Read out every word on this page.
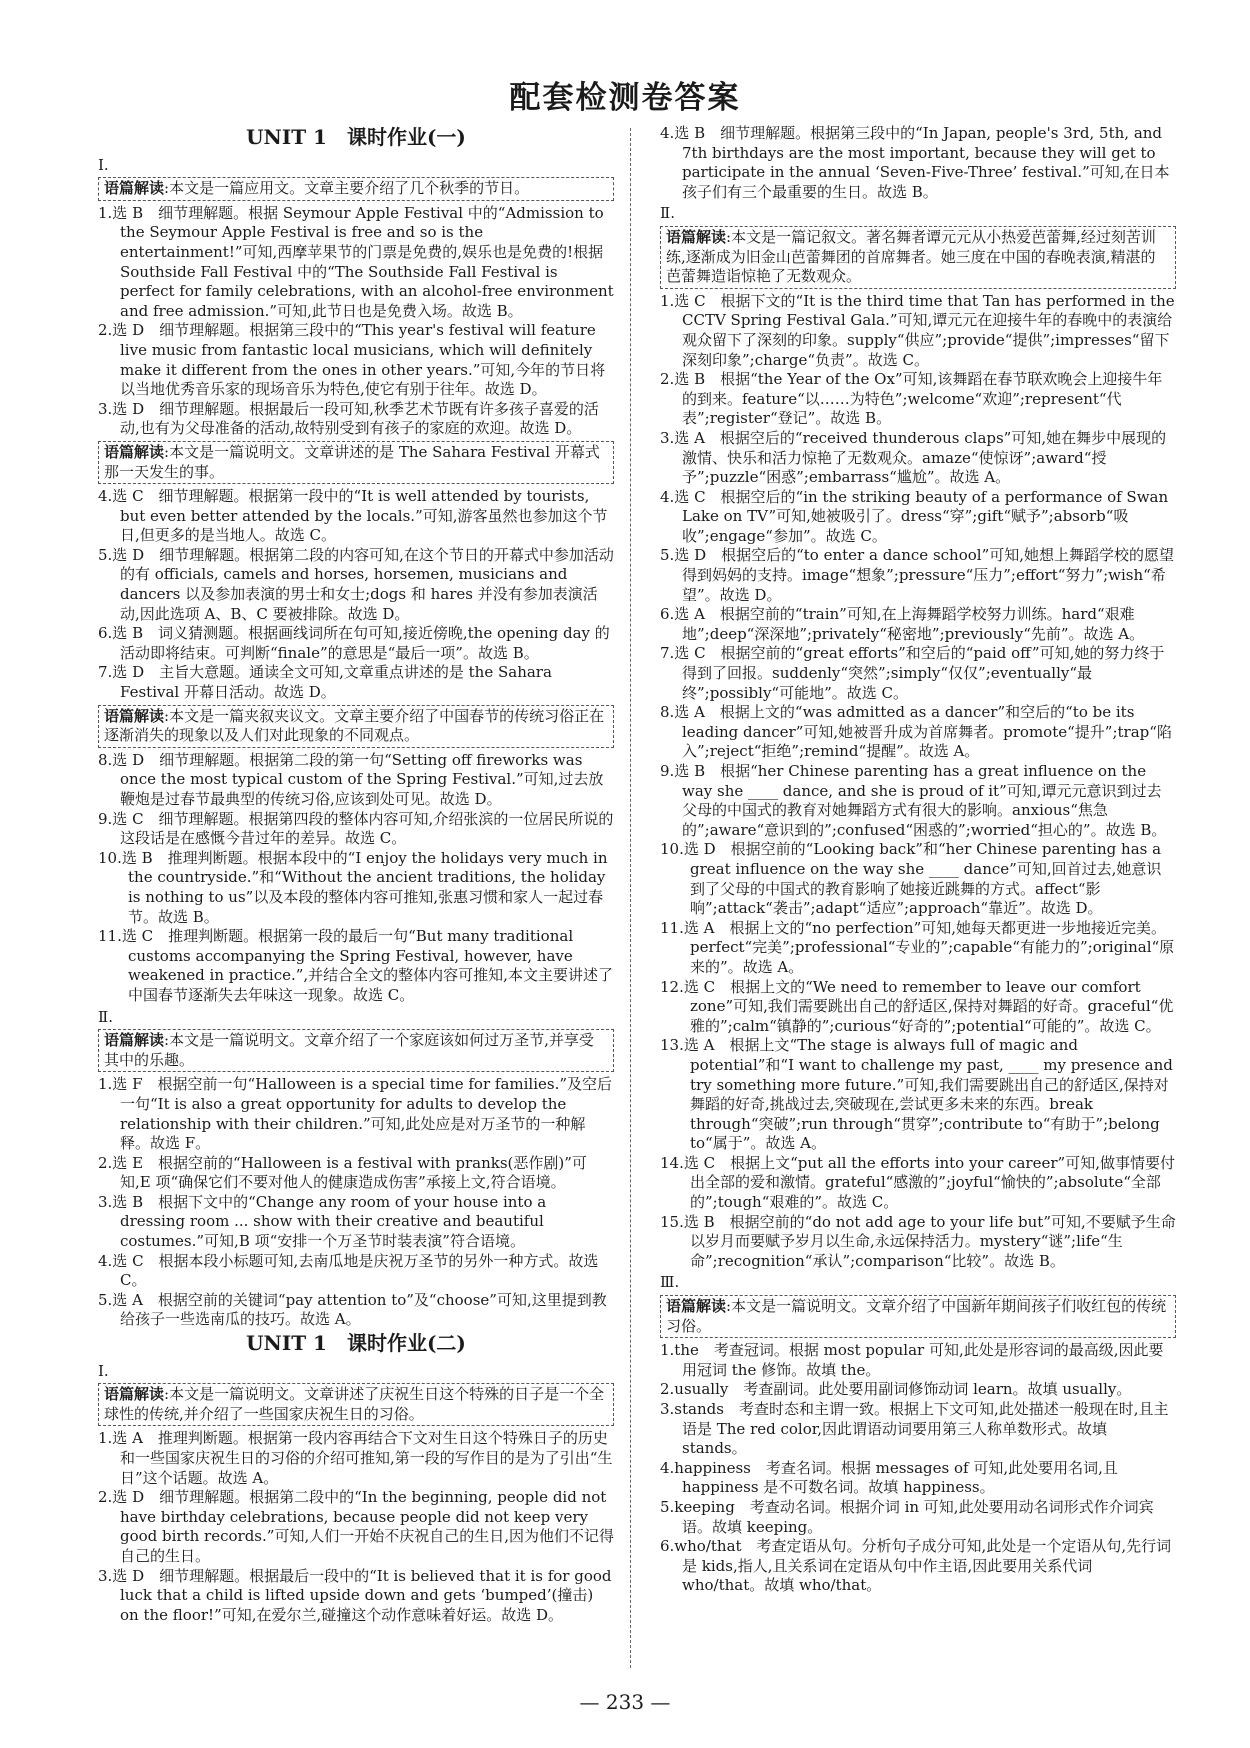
配套检测卷答案
UNIT 1　课时作业(一)
Ⅰ.
语篇解读:本文是一篇应用文。文章主要介绍了几个秋季的节日。

1.选 B　细节理解题。根据 Seymour Apple Festival 中的“Admission to the Seymour Apple Festival is free and so is the entertainment!”可知,西摩苹果节的门票是免费的,娱乐也是免费的!根据 Southside Fall Festival 中的“The Southside Fall Festival is perfect for family celebrations, with an alcohol-free environment and free admission.”可知,此节日也是免费入场。故选 B。

2.选 D　细节理解题。根据第三段中的“This year's festival will feature live music from fantastic local musicians, which will definitely make it different from the ones in other years.”可知,今年的节日将以当地优秀音乐家的现场音乐为特色,使它有别于往年。故选 D。

3.选 D　细节理解题。根据最后一段可知,秋季艺术节既有许多孩子喜爱的活动,也有为父母准备的活动,故特别受到有孩子的家庭的欢迎。故选 D。

语篇解读:本文是一篇说明文。文章讲述的是 The Sahara Festival 开幕式那一天发生的事。

4.选 C　细节理解题。根据第一段中的“It is well attended by tourists, but even better attended by the locals.”可知,游客虽然也参加这个节日,但更多的是当地人。故选 C。

5.选 D　细节理解题。根据第二段的内容可知,在这个节日的开幕式中参加活动的有 officials, camels and horses, horsemen, musicians and dancers 以及参加表演的男士和女士;dogs 和 hares 并没有参加表演活动,因此选项 A、B、C 要被排除。故选 D。

6.选 B　词义猜测题。根据画线词所在句可知,接近傍晚,the opening day 的活动即将结束。可判断“finale”的意思是“最后一项”。故选 B。

7.选 D　主旨大意题。通读全文可知,文章重点讲述的是 the Sahara Festival 开幕日活动。故选 D。

语篇解读:本文是一篇夹叙夹议文。文章主要介绍了中国春节的传统习俗正在逐渐消失的现象以及人们对此现象的不同观点。

8.选 D　细节理解题。根据第二段的第一句“Setting off fireworks was once the most typical custom of the Spring Festival.”可知,过去放鞭炮是过春节最典型的传统习俗,应该到处可见。故选 D。

9.选 C　细节理解题。根据第四段的整体内容可知,介绍张滨的一位居民所说的这段话是在感慨今昔过年的差异。故选 C。

10.选 B　推理判断题。根据本段中的“I enjoy the holidays very much in the countryside.”和“Without the ancient traditions, the holiday is nothing to us”以及本段的整体内容可推知,张惠习惯和家人一起过春节。故选 B。

11.选 C　推理判断题。根据第一段的最后一句“But many traditional customs accompanying the Spring Festival, however, have weakened in practice.”,并结合全文的整体内容可推知,本文主要讲述了中国春节逐渐失去年味这一现象。故选 C。

Ⅱ.
语篇解读:本文是一篇说明文。文章介绍了一个家庭该如何过万圣节,并享受其中的乐趣。

1.选 F　根据空前一句“Halloween is a special time for families.”及空后一句“It is also a great opportunity for adults to develop the relationship with their children.”可知,此处应是对万圣节的一种解释。故选 F。

2.选 E　根据空前的“Halloween is a festival with pranks(恶作剧)”可知,E 项“确保它们不要对他人的健康造成伤害”承接上文,符合语境。

3.选 B　根据下文中的“Change any room of your house into a dressing room ... show with their creative and beautiful costumes.”可知,B 项“安排一个万圣节时装表演”符合语境。

4.选 C　根据本段小标题可知,去南瓜地是庆祝万圣节的另外一种方式。故选 C。

5.选 A　根据空前的关键词“pay attention to”及“choose”可知,这里提到教给孩子一些选南瓜的技巧。故选 A。

UNIT 1　课时作业(二)
Ⅰ.
语篇解读:本文是一篇说明文。文章讲述了庆祝生日这个特殊的日子是一个全球性的传统,并介绍了一些国家庆祝生日的习俗。

1.选 A　推理判断题。根据第一段内容再结合下文对生日这个特殊日子的历史和一些国家庆祝生日的习俗的介绍可推知,第一段的写作目的是为了引出“生日”这个话题。故选 A。

2.选 D　细节理解题。根据第二段中的“In the beginning, people did not have birthday celebrations, because people did not keep very good birth records.”可知,人们一开始不庆祝自己的生日,因为他们不记得自己的生日。

3.选 D　细节理解题。根据最后一段中的“It is believed that it is for good luck that a child is lifted upside down and gets ‘bumped’(撞击) on the floor!”可知,在爱尔兰,碰撞这个动作意味着好运。故选 D。

4.选 B　细节理解题。根据第三段中的“In Japan, people's 3rd, 5th, and 7th birthdays are the most important, because they will get to participate in the annual ‘Seven-Five-Three’ festival.”可知,在日本孩子们有三个最重要的生日。故选 B。

Ⅱ.
语篇解读:本文是一篇记叙文。著名舞者谭元元从小热爱芭蕾舞,经过刻苦训练,逐渐成为旧金山芭蕾舞团的首席舞者。她三度在中国的春晚表演,精湛的芭蕾舞造诣惊艳了无数观众。

1.选 C　根据下文的“It is the third time that Tan has performed in the CCTV Spring Festival Gala.”可知,谭元元在迎接牛年的春晚中的表演给观众留下了深刻的印象。supply“供应”;provide“提供”;impresses“留下深刻印象”;charge“负责”。故选 C。

2.选 B　根据“the Year of the Ox”可知,该舞蹈在春节联欢晚会上迎接牛年的到来。feature“以……为特色”;welcome“欢迎”;represent“代表”;register“登记”。故选 B。

3.选 A　根据空后的“received thunderous claps”可知,她在舞步中展现的激情、快乐和活力惊艳了无数观众。amaze“使惊讶”;award“授予”;puzzle“困惑”;embarrass“尴尬”。故选 A。

4.选 C　根据空后的“in the striking beauty of a performance of Swan Lake on TV”可知,她被吸引了。dress“穿”;gift“赋予”;absorb“吸收”;engage“参加”。故选 C。

5.选 D　根据空后的“to enter a dance school”可知,她想上舞蹈学校的愿望得到妈妈的支持。image“想象”;pressure“压力”;effort“努力”;wish“希望”。故选 D。

6.选 A　根据空前的“train”可知,在上海舞蹈学校努力训练。hard“艰难地”;deep“深深地”;privately“秘密地”;previously“先前”。故选 A。

7.选 C　根据空前的“great efforts”和空后的“paid off”可知,她的努力终于得到了回报。suddenly“突然”;simply“仅仅”;eventually“最终”;possibly“可能地”。故选 C。

8.选 A　根据上文的“was admitted as a dancer”和空后的“to be its leading dancer”可知,她被晋升成为首席舞者。promote“提升”;trap“陷入”;reject“拒绝”;remind“提醒”。故选 A。

9.选 B　根据“her Chinese parenting has a great influence on the way she ____ dance, and she is proud of it”可知,谭元元意识到过去父母的中国式的教育对她舞蹈方式有很大的影响。anxious“焦急的”;aware“意识到的”;confused“困惑的”;worried“担心的”。故选 B。

10.选 D　根据空前的“Looking back”和“her Chinese parenting has a great influence on the way she ____ dance”可知,回首过去,她意识到了父母的中国式的教育影响了她接近跳舞的方式。affect“影响”;attack“袭击”;adapt“适应”;approach“靠近”。故选 D。

11.选 A　根据上文的“no perfection”可知,她每天都更进一步地接近完美。perfect“完美”;professional“专业的”;capable“有能力的”;original“原来的”。故选 A。

12.选 C　根据上文的“We need to remember to leave our comfort zone”可知,我们需要跳出自己的舒适区,保持对舞蹈的好奇。graceful“优雅的”;calm“镇静的”;curious“好奇的”;potential“可能的”。故选 C。

13.选 A　根据上文“The stage is always full of magic and potential”和“I want to challenge my past, ____ my presence and try something more future.”可知,我们需要跳出自己的舒适区,保持对舞蹈的好奇,挑战过去,突破现在,尝试更多未来的东西。break through“突破”;run through“贯穿”;contribute to“有助于”;belong to“属于”。故选 A。

14.选 C　根据上文“put all the efforts into your career”可知,做事情要付出全部的爱和激情。grateful“感激的”;joyful“愉快的”;absolute“全部的”;tough“艰难的”。故选 C。

15.选 B　根据空前的“do not add age to your life but”可知,不要赋予生命以岁月而要赋予岁月以生命,永远保持活力。mystery“谜”;life“生命”;recognition“承认”;comparison“比较”。故选 B。

Ⅲ.
语篇解读:本文是一篇说明文。文章介绍了中国新年期间孩子们收红包的传统习俗。

1.the　考查冠词。根据 most popular 可知,此处是形容词的最高级,因此要用冠词 the 修饰。故填 the。

2.usually　考查副词。此处要用副词修饰动词 learn。故填 usually。

3.stands　考查时态和主谓一致。根据上下文可知,此处描述一般现在时,且主语是 The red color,因此谓语动词要用第三人称单数形式。故填 stands。

4.happiness　考查名词。根据 messages of 可知,此处要用名词,且 happiness 是不可数名词。故填 happiness。

5.keeping　考查动名词。根据介词 in 可知,此处要用动名词形式作介词宾语。故填 keeping。

6.who/that　考查定语从句。分析句子成分可知,此处是一个定语从句,先行词是 kids,指人,且关系词在定语从句中作主语,因此要用关系代词 who/that。故填 who/that。

— 233 —
